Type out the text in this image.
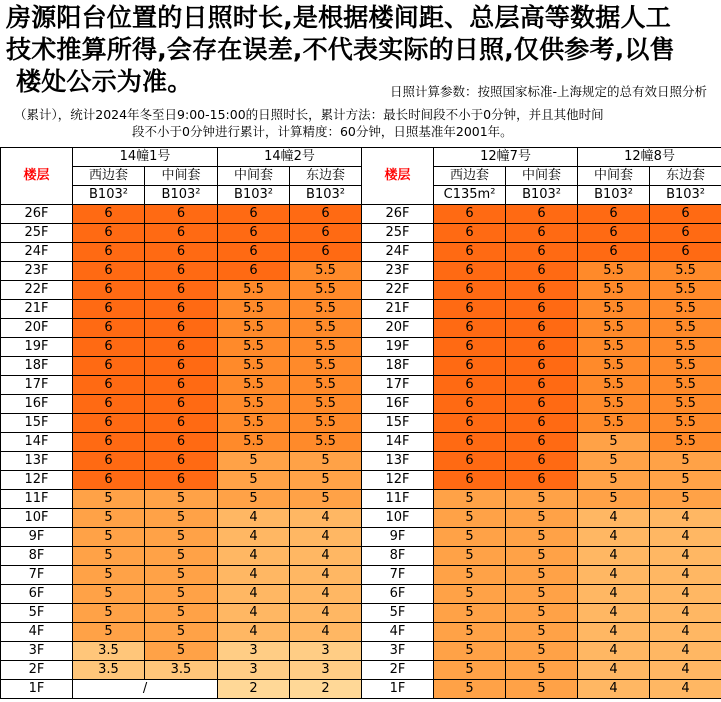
房源阳台位置的日照时长,是根据楼间距、总层高等数据人工
技术推算所得,会存在误差,不代表实际的日照,仅供参考,以售
楼处公示为准。	日照计算参数：按照国家标准-上海规定的总有效日照分析
（累计），统计2024年冬至日9:00-15:00的日照时长，累计方法：最长时间段不小于0分钟，并且其他时间
段不小于0分钟进行累计，计算精度：60分钟，日照基准年2001年。
楼层	14幢1号		14幢2号		楼层	12幢7号		12幢8号	
	西边套	中间套	中间套	东边套		西边套	中间套	中间套	东边套
	B103²	B103²	B103²	B103²		C135m²	B103²	B103²	B103²
26F	6	6	6	6	26F	6	6	6	6
25F	6	6	6	6	25F	6	6	6	6
24F	6	6	6	6	24F	6	6	6	6
23F	6	6	6	5.5	23F	6	6	5.5	5.5
22F	6	6	5.5	5.5	22F	6	6	5.5	5.5
21F	6	6	5.5	5.5	21F	6	6	5.5	5.5
20F	6	6	5.5	5.5	20F	6	6	5.5	5.5
19F	6	6	5.5	5.5	19F	6	6	5.5	5.5
18F	6	6	5.5	5.5	18F	6	6	5.5	5.5
17F	6	6	5.5	5.5	17F	6	6	5.5	5.5
16F	6	6	5.5	5.5	16F	6	6	5.5	5.5
15F	6	6	5.5	5.5	15F	6	6	5.5	5.5
14F	6	6	5.5	5.5	14F	6	6	5	5.5
13F	6	6	5	5	13F	6	6	5	5
12F	6	6	5	5	12F	6	6	5	5
11F	5	5	5	5	11F	5	5	5	5
10F	5	5	4	4	10F	5	5	4	4
9F	5	5	4	4	9F	5	5	4	4
8F	5	5	4	4	8F	5	5	4	4
7F	5	5	4	4	7F	5	5	4	4
6F	5	5	4	4	6F	5	5	4	4
5F	5	5	4	4	5F	5	5	4	4
4F	5	5	4	4	4F	5	5	4	4
3F	3.5	5	3	3	3F	5	5	4	4
2F	3.5	3.5	3	3	2F	5	5	4	4
1F	/		2	2	1F	5	5	4	4
